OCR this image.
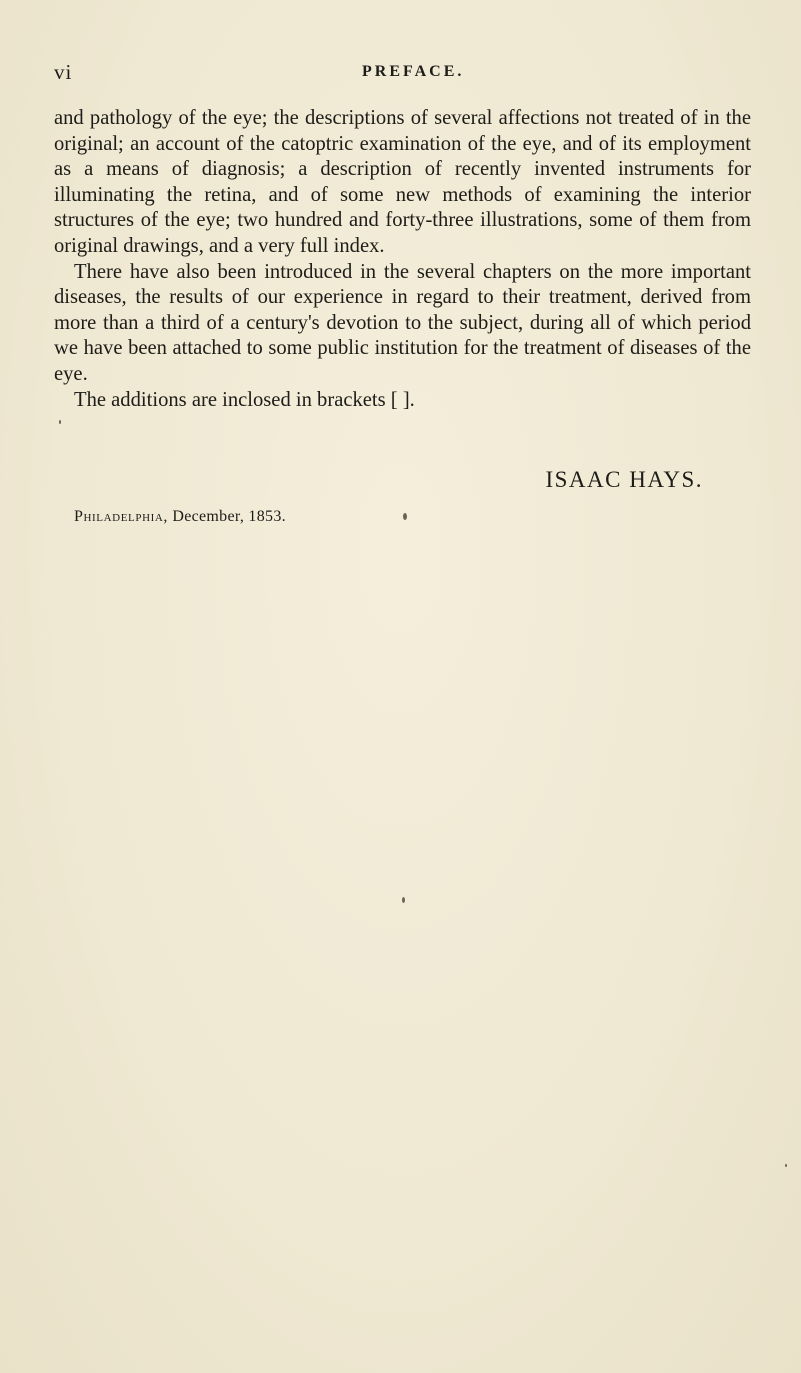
vi	PREFACE.

and pathology of the eye; the descriptions of several affections not treated of in the original; an account of the catoptric examination of the eye, and of its employment as a means of diagnosis; a description of recently invented instruments for illuminating the retina, and of some new methods of examining the interior structures of the eye; two hundred and forty-three illustrations, some of them from original drawings, and a very full index.

There have also been introduced in the several chapters on the more important diseases, the results of our experience in regard to their treatment, derived from more than a third of a century's devotion to the subject, during all of which period we have been attached to some public institution for the treatment of diseases of the eye.

The additions are inclosed in brackets [ ].

ISAAC HAYS.
Philadelphia, December, 1853.
